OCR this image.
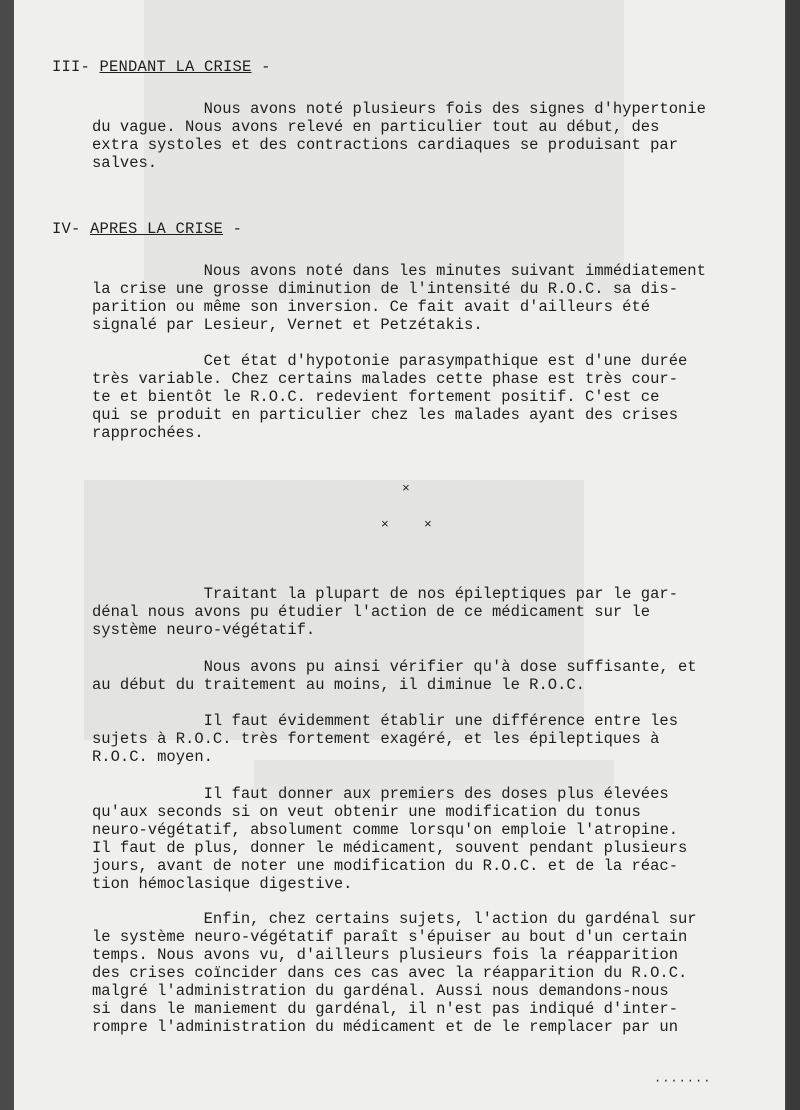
III- PENDANT LA CRISE -
Nous avons noté plusieurs fois des signes d'hypertonie
du vague. Nous avons relevé en particulier tout au début, des
extra systoles et des contractions cardiaques se produisant par
salves.
IV- APRES LA CRISE -
Nous avons noté dans les minutes suivant immédiatement
la crise une grosse diminution de l'intensité du R.O.C. sa dis-
parition ou même son inversion. Ce fait avait d'ailleurs été
signalé par Lesieur, Vernet et Petzétakis.
Cet état d'hypotonie parasympathique est d'une durée
très variable. Chez certains malades cette phase est très cour-
te et bientôt le R.O.C. redevient fortement positif. C'est ce
qui se produit en particulier chez les malades ayant des crises
rapprochées.
×
×	×
Traitant la plupart de nos épileptiques par le gar-
dénal nous avons pu étudier l'action de ce médicament sur le
système neuro-végétatif.
Nous avons pu ainsi vérifier qu'à dose suffisante, et
au début du traitement au moins, il diminue le R.O.C.
Il faut évidemment établir une différence entre les
sujets à R.O.C. très fortement exagéré, et les épileptiques à
R.O.C. moyen.
Il faut donner aux premiers des doses plus élevées
qu'aux seconds si on veut obtenir une modification du tonus
neuro-végétatif, absolument comme lorsqu'on emploie l'atropine.
Il faut de plus, donner le médicament, souvent pendant plusieurs
jours, avant de noter une modification du R.O.C. et de la réac-
tion hémoclasique digestive.
Enfin, chez certains sujets, l'action du gardénal sur
le système neuro-végétatif paraît s'épuiser au bout d'un certain
temps. Nous avons vu, d'ailleurs plusieurs fois la réapparition
des crises coïncider dans ces cas avec la réapparition du R.O.C.
malgré l'administration du gardénal. Aussi nous demandons-nous
si dans le maniement du gardénal, il n'est pas indiqué d'inter-
rompre l'administration du médicament et de le remplacer par un
·······
